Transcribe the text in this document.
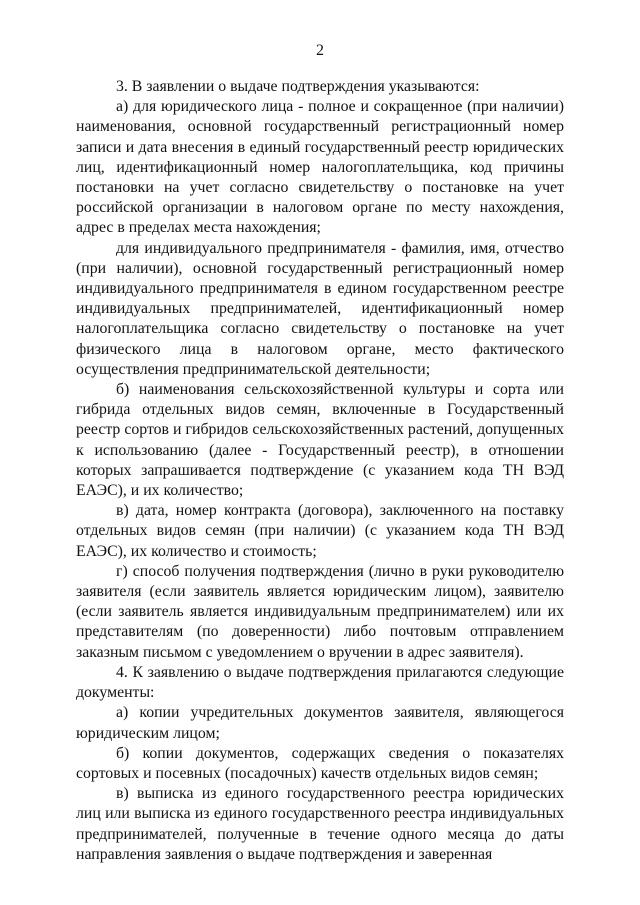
2

3. В заявлении о выдаче подтверждения указываются:

а) для юридического лица - полное и сокращенное (при наличии) наименования, основной государственный регистрационный номер записи и дата внесения в единый государственный реестр юридических лиц, идентификационный номер налогоплательщика, код причины постановки на учет согласно свидетельству о постановке на учет российской организации в налоговом органе по месту нахождения, адрес в пределах места нахождения;

для индивидуального предпринимателя - фамилия, имя, отчество (при наличии), основной государственный регистрационный номер индивидуального предпринимателя в едином государственном реестре индивидуальных предпринимателей, идентификационный номер налогоплательщика согласно свидетельству о постановке на учет физического лица в налоговом органе, место фактического осуществления предпринимательской деятельности;

б) наименования сельскохозяйственной культуры и сорта или гибрида отдельных видов семян, включенные в Государственный реестр сортов и гибридов сельскохозяйственных растений, допущенных к использованию (далее - Государственный реестр), в отношении которых запрашивается подтверждение (с указанием кода ТН ВЭД ЕАЭС), и их количество;

в) дата, номер контракта (договора), заключенного на поставку отдельных видов семян (при наличии) (с указанием кода ТН ВЭД ЕАЭС), их количество и стоимость;

г) способ получения подтверждения (лично в руки руководителю заявителя (если заявитель является юридическим лицом), заявителю (если заявитель является индивидуальным предпринимателем) или их представителям (по доверенности) либо почтовым отправлением заказным письмом с уведомлением о вручении в адрес заявителя).

4. К заявлению о выдаче подтверждения прилагаются следующие документы:

а) копии учредительных документов заявителя, являющегося юридическим лицом;

б) копии документов, содержащих сведения о показателях сортовых и посевных (посадочных) качеств отдельных видов семян;

в) выписка из единого государственного реестра юридических лиц или выписка из единого государственного реестра индивидуальных предпринимателей, полученные в течение одного месяца до даты направления заявления о выдаче подтверждения и заверенная
